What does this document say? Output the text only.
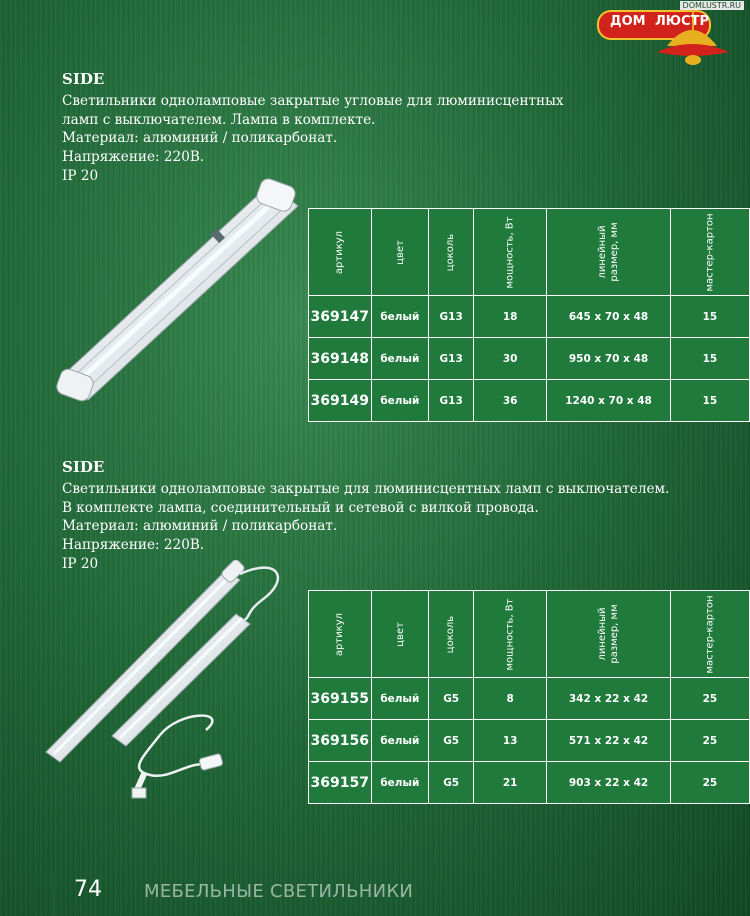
DOMLUSTR.RU
ДОМ ЛЮСТР

SIDE

Светильники одноламповые закрытые угловые для люминисцентных
ламп с выключателем. Лампа в комплекте.
Материал: алюминий / поликарбонат.
Напряжение: 220В.
IP 20

артикул	цвет	цоколь	мощность, Вт	линейный размер, мм	мастер-картон
369147	белый	G13	18	645 x 70 x 48	15
369148	белый	G13	30	950 x 70 x 48	15
369149	белый	G13	36	1240 x 70 x 48	15

SIDE

Светильники одноламповые закрытые для люминисцентных ламп с выключателем.
В комплекте лампа, соединительный и сетевой с вилкой провода.
Материал: алюминий / поликарбонат.
Напряжение: 220В.
IP 20

артикул	цвет	цоколь	мощность, Вт	линейный размер, мм	мастер-картон
369155	белый	G5	8	342 x 22 x 42	25
369156	белый	G5	13	571 x 22 x 42	25
369157	белый	G5	21	903 x 22 x 42	25
74 МЕБЕЛЬНЫЕ СВЕТИЛЬНИКИ
